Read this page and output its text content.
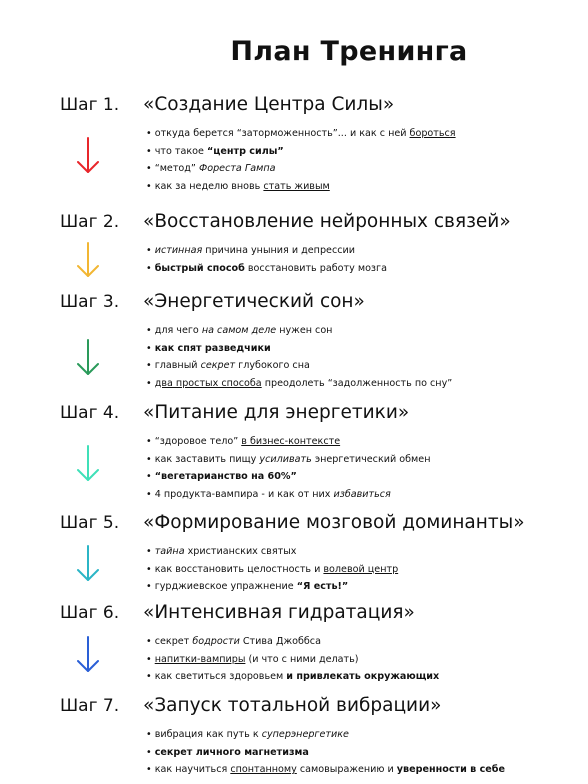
План Тренинга
Шаг 1. «Создание Центра Силы»
• откуда берется “заторможенность”... и как с ней бороться
• что такое “центр силы”
• “метод” Фореста Гампа
• как за неделю вновь стать живым
Шаг 2. «Восстановление нейронных связей»
• истинная причина уныния и депрессии
• быстрый способ восстановить работу мозга
Шаг 3. «Энергетический сон»
• для чего на самом деле нужен сон
• как спят разведчики
• главный секрет глубокого сна
• два простых способа преодолеть “задолженность по сну”
Шаг 4. «Питание для энергетики»
• “здоровое тело” в бизнес-контексте
• как заставить пищу усиливать энергетический обмен
• “вегетарианство на 60%”
• 4 продукта-вампира - и как от них избавиться
Шаг 5. «Формирование мозговой доминанты»
• тайна христианских святых
• как восстановить целостность и волевой центр
• гурджиевское упражнение “Я есть!”
Шаг 6. «Интенсивная гидратация»
• секрет бодрости Стива Джоббса
• напитки-вампиры (и что с ними делать)
• как светиться здоровьем и привлекать окружающих
Шаг 7. «Запуск тотальной вибрации»
• вибрация как путь к суперэнергетике
• секрет личного магнетизма
• как научиться спонтанному самовыражению и уверенности в себе
